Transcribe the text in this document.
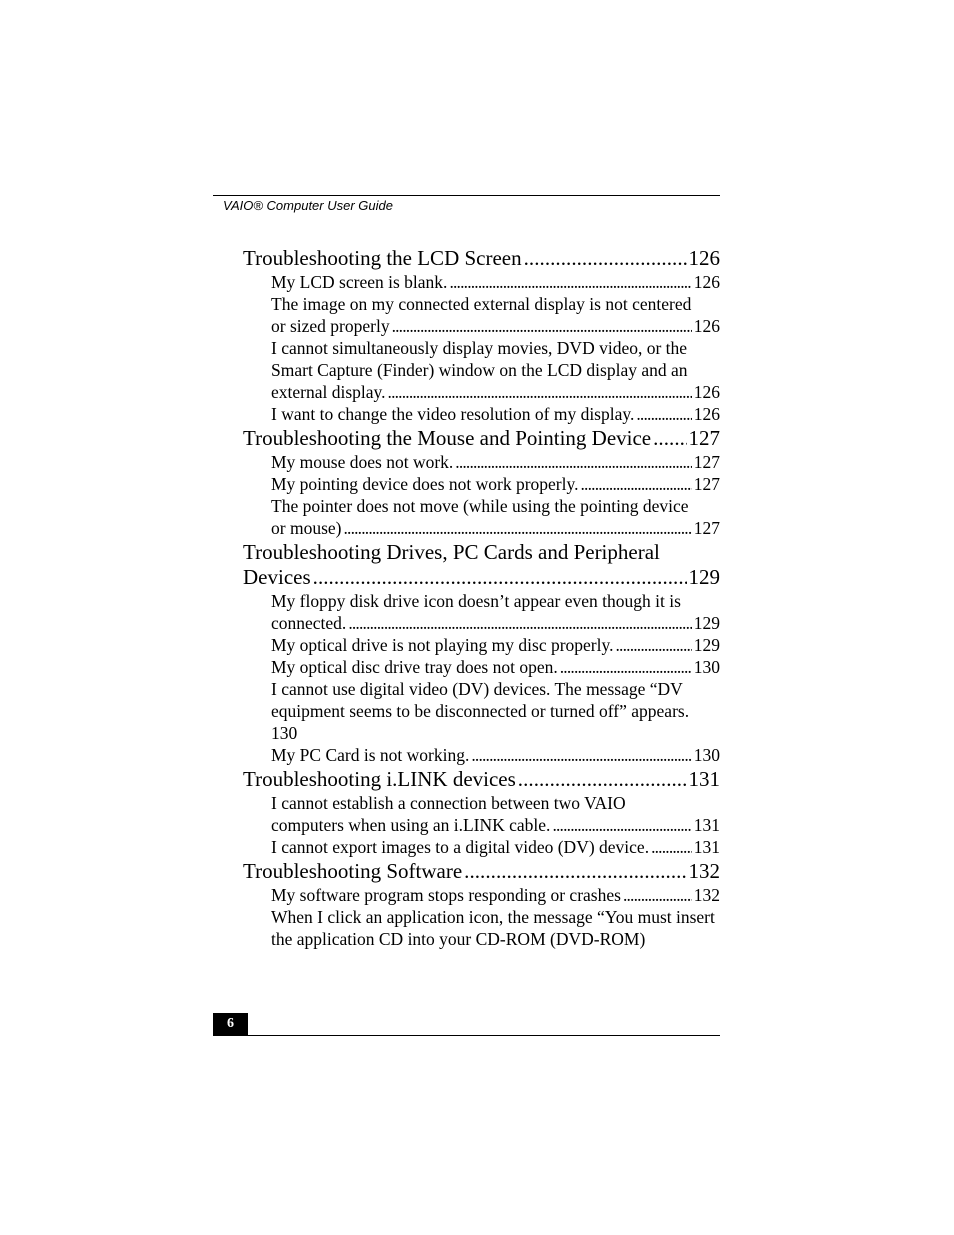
VAIO® Computer User Guide
Troubleshooting the LCD Screen . . .	126
My LCD screen is blank. . . .	126
The image on my connected external display is not centered
or sized properly . . .	126
I cannot simultaneously display movies, DVD video, or the Smart Capture (Finder) window on the LCD display and an
external display. . . .	126
I want to change the video resolution of my display. . . .	126
Troubleshooting the Mouse and Pointing Device . . . 127
My mouse does not work. . . .	127
My pointing device does not work properly. . . .	127
The pointer does not move (while using the pointing device
or mouse) . . .	127
Troubleshooting Drives, PC Cards and Peripheral
Devices . . .	129
My floppy disk drive icon doesn’t appear even though it is
connected. . . .	129
My optical drive is not playing my disc properly. . . .	129
My optical disc drive tray does not open. . . .	130
I cannot use digital video (DV) devices. The message “DV equipment seems to be disconnected or turned off” appears.
130
My PC Card is not working. . . .	130
Troubleshooting i.LINK devices . . .	131
I cannot establish a connection between two VAIO
computers when using an i.LINK cable. . . .	131
I cannot export images to a digital video (DV) device. . . .	131
Troubleshooting Software . . .	132
My software program stops responding or crashes . . .	132
When I click an application icon, the message “You must insert the application CD into your CD-ROM (DVD-ROM)
6
